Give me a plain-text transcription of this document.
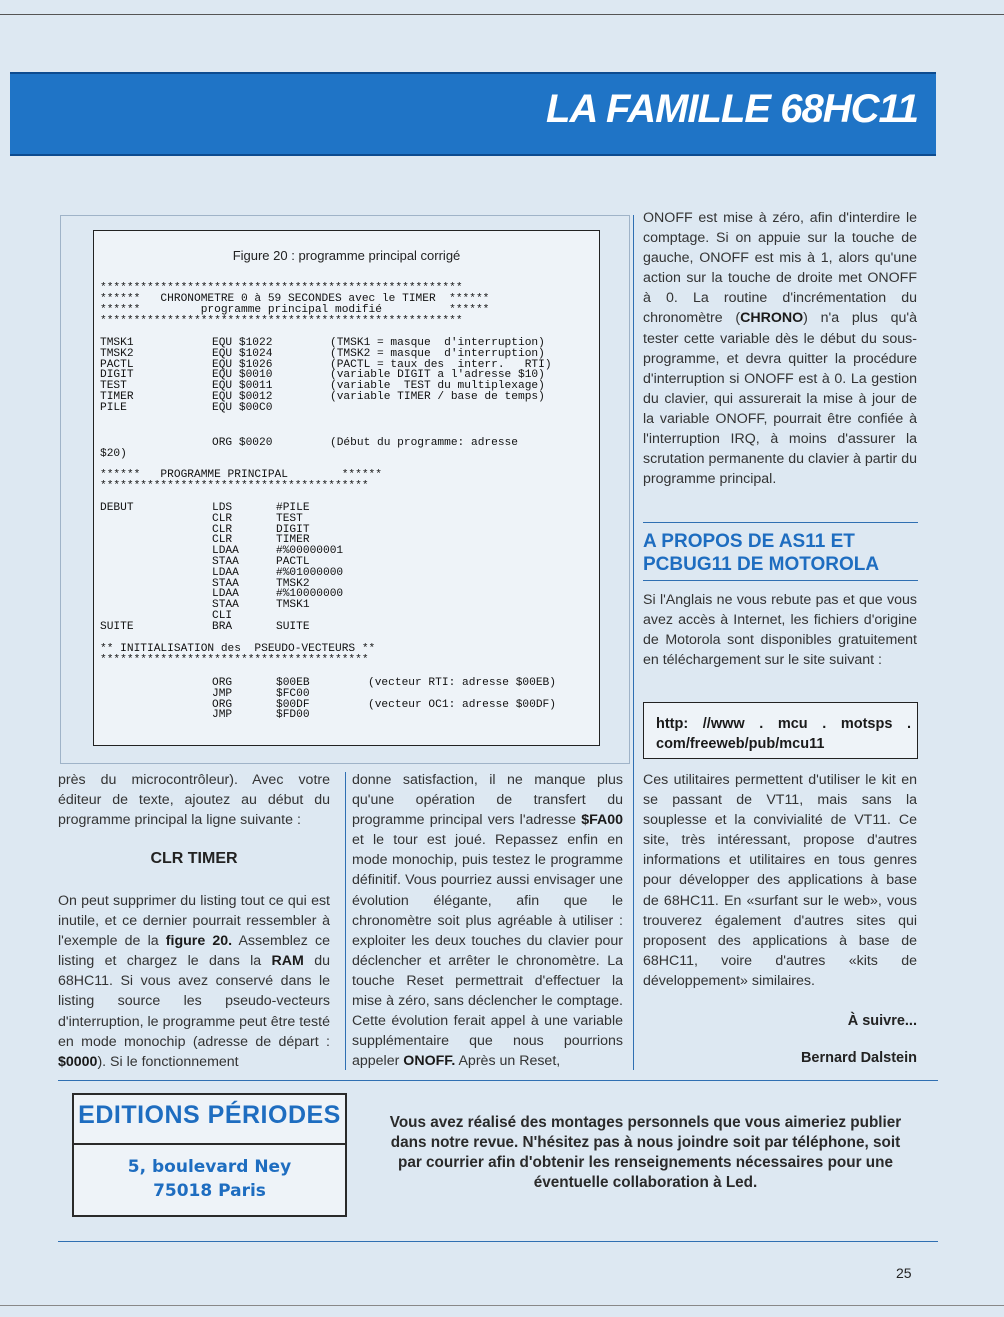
LA FAMILLE 68HC11
Figure 20 : programme principal corrigé
******************************************************
******   CHRONOMETRE 0 à 59 SECONDES avec le TIMER  ******
******         programme principal modifié          ******
******************************************************
TMSK1
TMSK2
PACTL
DIGIT
TEST
TIMER
PILE
EQU $1022
EQU $1024
EQU $1026
EQU $0010
EQU $0011
EQU $0012
EQU $00C0
(TMSK1 = masque  d'interruption)
(TMSK2 = masque  d'interruption)
(PACTL = taux des  interr.   RTI)
(variable DIGIT a l'adresse $10)
(variable  TEST du multiplexage)
(variable TIMER / base de temps)
ORG $0020	(Début du programme: adresse
$20)
******   PROGRAMME PRINCIPAL        ******
****************************************
DEBUT	LDS
CLR
CLR
CLR
LDAA
STAA
LDAA
STAA
LDAA
STAA
CLI
BRA
#PILE
TEST
DIGIT
TIMER
#%00000001
PACTL
#%01000000
TMSK2
#%10000000
TMSK1

SUITE
SUITE
** INITIALISATION des  PSEUDO-VECTEURS **
****************************************
ORG
JMP
ORG
JMP
$00EB
$FC00
$00DF
$FD00
(vecteur RTI: adresse $00EB)
(vecteur OC1: adresse $00DF)
près du microcontrôleur). Avec votre éditeur de texte, ajoutez au début du programme principal la ligne suivante :
CLR TIMER
On peut supprimer du listing tout ce qui est inutile, et ce dernier pourrait ressembler à l'exemple de la figure 20. Assemblez ce listing et chargez le dans la RAM du 68HC11. Si vous avez conservé dans le listing source les pseudo-vecteurs d'interruption, le programme peut être testé en mode monochip (adresse de départ : $0000). Si le fonctionnement
donne satisfaction, il ne manque plus qu'une opération de transfert du programme principal vers l'adresse $FA00 et le tour est joué. Repassez enfin en mode monochip, puis testez le programme définitif. Vous pourriez aussi envisager une évolution élégante, afin que le chronomètre soit plus agréable à utiliser : exploiter les deux touches du clavier pour déclencher et arrêter le chronomètre. La touche Reset permettrait d'effectuer la mise à zéro, sans déclencher le comptage. Cette évolution ferait appel à une variable supplémentaire que nous pourrions appeler ONOFF. Après un Reset,
ONOFF est mise à zéro, afin d'interdire le comptage. Si on appuie sur la touche de gauche, ONOFF est mis à 1, alors qu'une action sur la touche de droite met ONOFF à 0. La routine d'incrémentation du chronomètre (CHRONO) n'a plus qu'à tester cette variable dès le début du sous-programme, et devra quitter la procédure d'interruption si ONOFF est à 0. La gestion du clavier, qui assurerait la mise à jour de la variable ONOFF, pourrait être confiée à l'interruption IRQ, à moins d'assurer la scrutation permanente du clavier à partir du programme principal.
A PROPOS DE AS11 ET PCBUG11 DE MOTOROLA
Si l'Anglais ne vous rebute pas et que vous avez accès à Internet, les fichiers d'origine de Motorola sont disponibles gratuitement en téléchargement sur le site suivant :
http: //www . mcu . motsps . com/freeweb/pub/mcu11
Ces utilitaires permettent d'utiliser le kit en se passant de VT11, mais sans la souplesse et la convivialité de VT11. Ce site, très intéressant, propose d'autres informations et utilitaires en tous genres pour développer des applications à base de 68HC11. En «surfant sur le web», vous trouverez également d'autres sites qui proposent des applications à base de 68HC11, voire d'autres «kits de développement» similaires.
À suivre...
Bernard Dalstein
EDITIONS PÉRIODES
5, boulevard Ney
75018 Paris
Vous avez réalisé des montages personnels que vous aimeriez publier dans notre revue. N'hésitez pas à nous joindre soit par téléphone, soit par courrier afin d'obtenir les renseignements nécessaires pour une éventuelle collaboration à Led.
25
